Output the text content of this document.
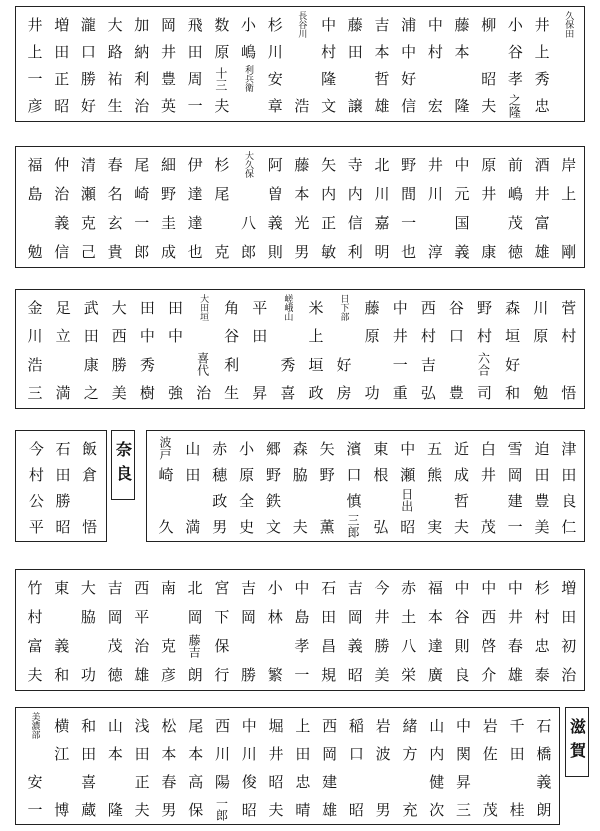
久保田
井
上
秀
忠
小
谷
孝
之隆
柳
昭
夫
藤
本
隆
中
村
宏
浦
中
好
信
吉
本
哲
雄
藤
田
譲
中
村
隆
文
長谷川
浩
杉
川
安
章
小
嶋
利兵衛
数
原
十三
夫
飛
田
周
一
岡
井
豊
英
加
納
利
治
大
路
祐
生
瀧
口
勝
好
増
田
正
昭
井
上
一
彦
岸
上
剛
酒
井
富
雄
前
嶋
茂
徳
原
井
康
中
元
国
義
井
川
淳
野
間
一
也
北
川
嘉
明
寺
内
信
利
矢
内
正
敏
藤
本
光
男
阿
曽
義
則
大久保
八
郎
杉
尾
克
伊
達
達
也
細
野
圭
成
尾
崎
一
郎
春
名
玄
貴
清
瀬
克
己
仲
治
義
信
福
島
勉
菅
村
悟
川
原
勉
森
垣
好
和
野
村
六合
司
谷
口
豊
西
村
吉
弘
中
井
一
重
藤
原
功
日下部
好
房
米
上
垣
政
嵯峨山
秀
喜
平
田
昇
角
谷
利
生
大田垣
喜代
治
田
中
強
田
中
秀
樹
大
西
勝
美
武
田
康
之
足
立
満
金
川
浩
三
飯
倉
悟
石
田
勝
昭
今
村
公
平
奈良	津
田
良
仁
迫
田
豊
美
雪
岡
建
一
白
井
茂
近
成
哲
夫
五
熊
実
中
瀬
日出
昭
東
根
弘
濱
口
慎
三郎
矢
野
薫
森
脇
夫
郷
野
鉄
文
小
原
全
史
赤
穂
政
男
山
田
満
波戸
崎
久
増
田
初
治
杉
村
忠
泰
中
井
春
雄
中
西
啓
介
中
谷
則
良
福
本
達
廣
赤
土
八
栄
今
井
勝
美
吉
岡
義
昭
石
田
昌
規
中
島
孝
一
小
林
繁
吉
岡
勝
宮
下
保
行
北
岡
藤吉
朗
南
克
彦
西
平
治
雄
吉
岡
茂
徳
大
脇
功
東
義
和
竹
村
富
夫
石
橋
義
朗
千
田
桂
岩
佐
茂
中
関
昇
三
山
内
健
次
緒
方
充
岩
波
男
稲
口
昭
西
岡
建
雄
上
田
忠
晴
堀
井
昭
夫
中
川
俊
昭
西
川
陽
一郎
尾
本
高
保
松
本
春
男
浅
田
正
夫
山
本
隆
和
田
喜
蔵
横
江
博
美濃部
安
一
滋賀
